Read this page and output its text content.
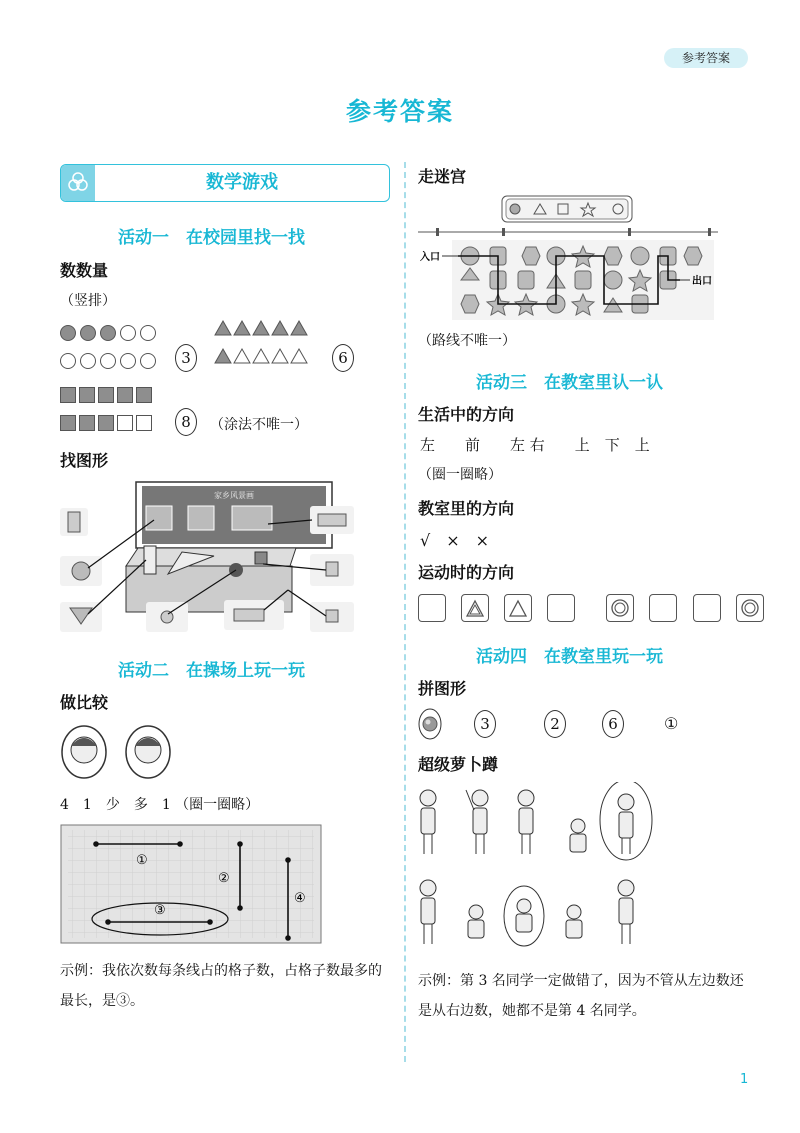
参考答案
参考答案
数学游戏
活动一　在校园里找一找
数数量
（竖排）
3	6
8	（涂法不唯一）
找图形
家乡风景画
活动二　在操场上玩一玩
做比较
4　1　少　多　1 （圈一圈略）
①
②
③
④
示例：我依次数每条线占的格子数，占格子数最多的最长，是③。
走迷宫
入口
出口
（路线不唯一）
活动三　在教室里认一认
生活中的方向
左　　前　　左 右　　上　下　上
（圈一圈略）
教室里的方向
√　×　×
运动时的方向

活动四　在教室里玩一玩
拼图形
3	2	6	①
超级萝卜蹲
示例：第 3 名同学一定做错了，因为不管从左边数还是从右边数，她都不是第 4 名同学。
1
